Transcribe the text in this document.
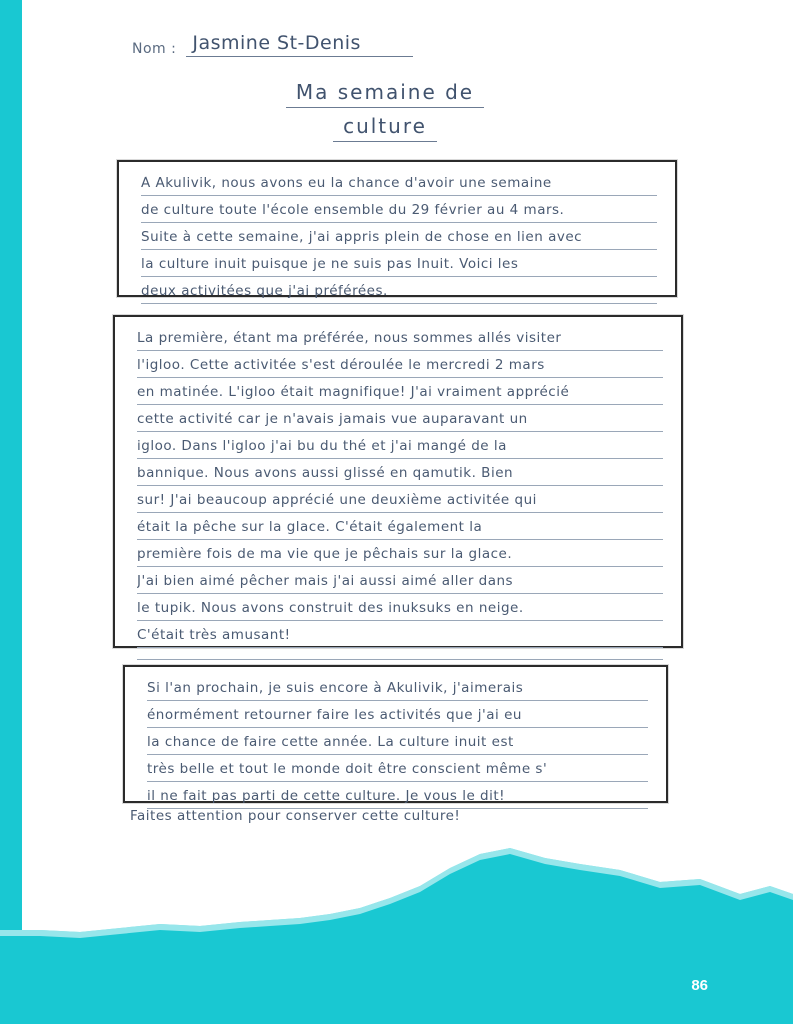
Nom : Jasmine St-Denis
Ma semaine de
culture
À Akulivik, nous avons eu la chance d'avoir une semaine
de culture toute l'école ensemble du 29 février au 4 mars.
Suite à cette semaine, j'ai appris plein de chose en lien avec
la culture inuit puisque je ne suis pas Inuit. Voici les
deux activitées que j'ai préférées.
La première, étant ma préférée, nous sommes allés visiter
l'igloo. Cette activitée s'est déroulée le mercredi 2 mars
en matinée. L'igloo était magnifique! J'ai vraiment apprécié
cette activité car je n'avais jamais vue auparavant un
igloo. Dans l'igloo j'ai bu du thé et j'ai mangé de la
bannique. Nous avons aussi glissé en qamutik. Bien
sur! J'ai beaucoup apprécié une deuxième activitée qui
était la pêche sur la glace. C'était également la
première fois de ma vie que je pêchais sur la glace.
J'ai bien aimé pêcher mais j'ai aussi aimé aller dans
le tupik. Nous avons construit des inuksuks en neige.
C'était très amusant!
Si l'an prochain, je suis encore à Akulivik, j'aimerais
énormément retourner faire les activités que j'ai eu
la chance de faire cette année. La culture inuit est
très belle et tout le monde doit être conscient même s'
il ne fait pas parti de cette culture. Je vous le dit!
Faites attention pour conserver cette culture!
86
